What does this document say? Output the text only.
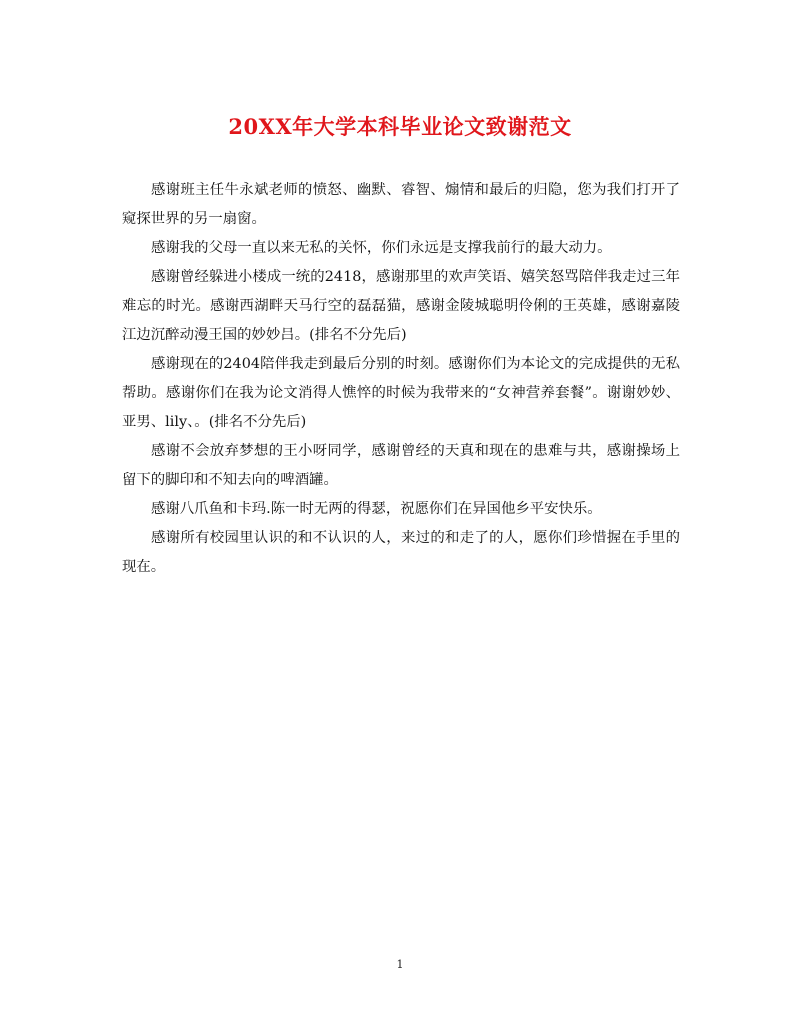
20XX年大学本科毕业论文致谢范文

感谢班主任牛永斌老师的愤怒、幽默、睿智、煽情和最后的归隐，您为我们打开了窥探世界的另一扇窗。

感谢我的父母一直以来无私的关怀，你们永远是支撑我前行的最大动力。

感谢曾经躲进小楼成一统的2418，感谢那里的欢声笑语、嬉笑怒骂陪伴我走过三年难忘的时光。感谢西湖畔天马行空的磊磊猫，感谢金陵城聪明伶俐的王英雄，感谢嘉陵江边沉醉动漫王国的妙妙吕。(排名不分先后)

感谢现在的2404陪伴我走到最后分别的时刻。感谢你们为本论文的完成提供的无私帮助。感谢你们在我为论文消得人憔悴的时候为我带来的“女神营养套餐”。谢谢妙妙、亚男、lily、。(排名不分先后)

感谢不会放弃梦想的王小呀同学，感谢曾经的天真和现在的患难与共，感谢操场上留下的脚印和不知去向的啤酒罐。

感谢八爪鱼和卡玛.陈一时无两的得瑟，祝愿你们在异国他乡平安快乐。

感谢所有校园里认识的和不认识的人，来过的和走了的人，愿你们珍惜握在手里的现在。

1
